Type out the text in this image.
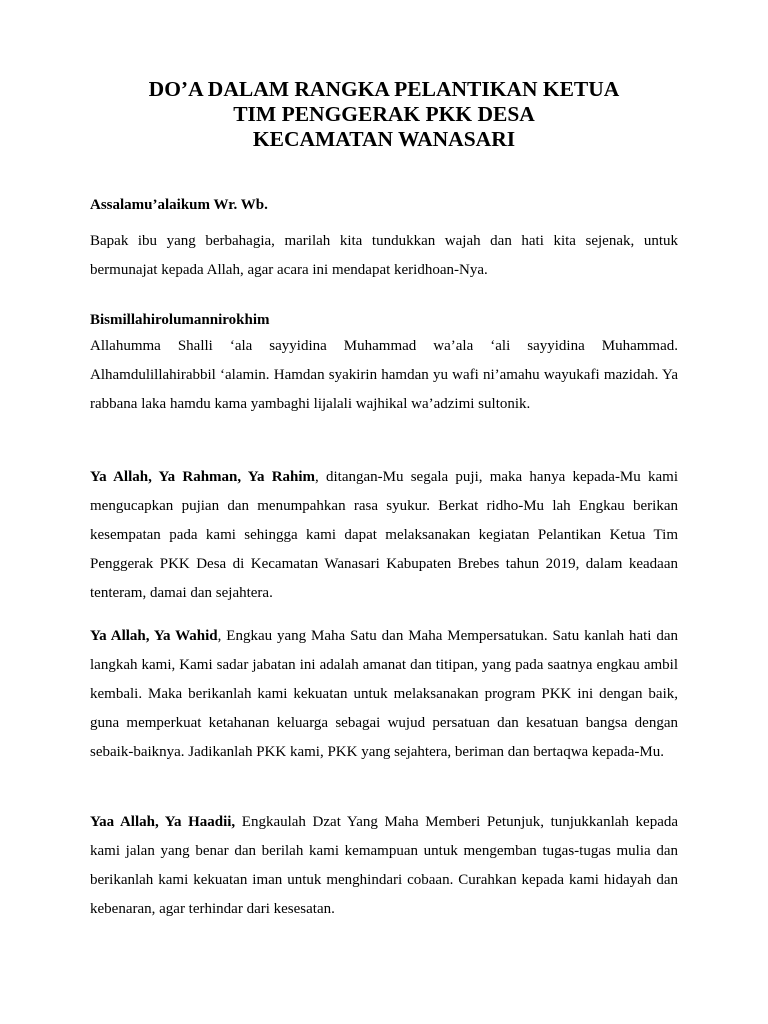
DO’A DALAM RANGKA PELANTIKAN KETUA
TIM PENGGERAK PKK DESA
KECAMATAN WANASARI
Assalamu’alaikum Wr. Wb.
Bapak ibu yang berbahagia, marilah kita tundukkan wajah dan hati kita sejenak, untuk bermunajat kepada Allah, agar acara ini mendapat keridhoan-Nya.
Bismillahirolumannirokhim
Allahumma Shalli ‘ala sayyidina Muhammad wa’ala ‘ali sayyidina Muhammad. Alhamdulillahirabbil ‘alamin. Hamdan syakirin hamdan yu wafi ni’amahu wayukafi mazidah. Ya rabbana laka hamdu kama yambaghi lijalali wajhikal wa’adzimi sultonik.
Ya Allah, Ya Rahman, Ya Rahim, ditangan-Mu segala puji, maka hanya kepada-Mu kami mengucapkan pujian dan menumpahkan rasa syukur. Berkat ridho-Mu lah Engkau berikan kesempatan pada kami sehingga kami dapat melaksanakan kegiatan Pelantikan Ketua Tim Penggerak PKK Desa di Kecamatan Wanasari Kabupaten Brebes tahun 2019, dalam keadaan tenteram, damai dan sejahtera.
Ya Allah, Ya Wahid, Engkau yang Maha Satu dan Maha Mempersatukan. Satu kanlah hati dan langkah kami, Kami sadar jabatan ini adalah amanat dan titipan, yang pada saatnya engkau ambil kembali. Maka berikanlah kami kekuatan untuk melaksanakan program PKK ini dengan baik, guna memperkuat ketahanan keluarga sebagai wujud persatuan dan kesatuan bangsa dengan sebaik-baiknya. Jadikanlah PKK kami, PKK yang sejahtera, beriman dan bertaqwa kepada-Mu.
Yaa Allah, Ya Haadii, Engkaulah Dzat Yang Maha Memberi Petunjuk, tunjukkanlah kepada kami jalan yang benar dan berilah kami kemampuan untuk mengemban tugas-tugas mulia dan berikanlah kami kekuatan iman untuk menghindari cobaan. Curahkan kepada kami hidayah dan kebenaran, agar terhindar dari kesesatan.
